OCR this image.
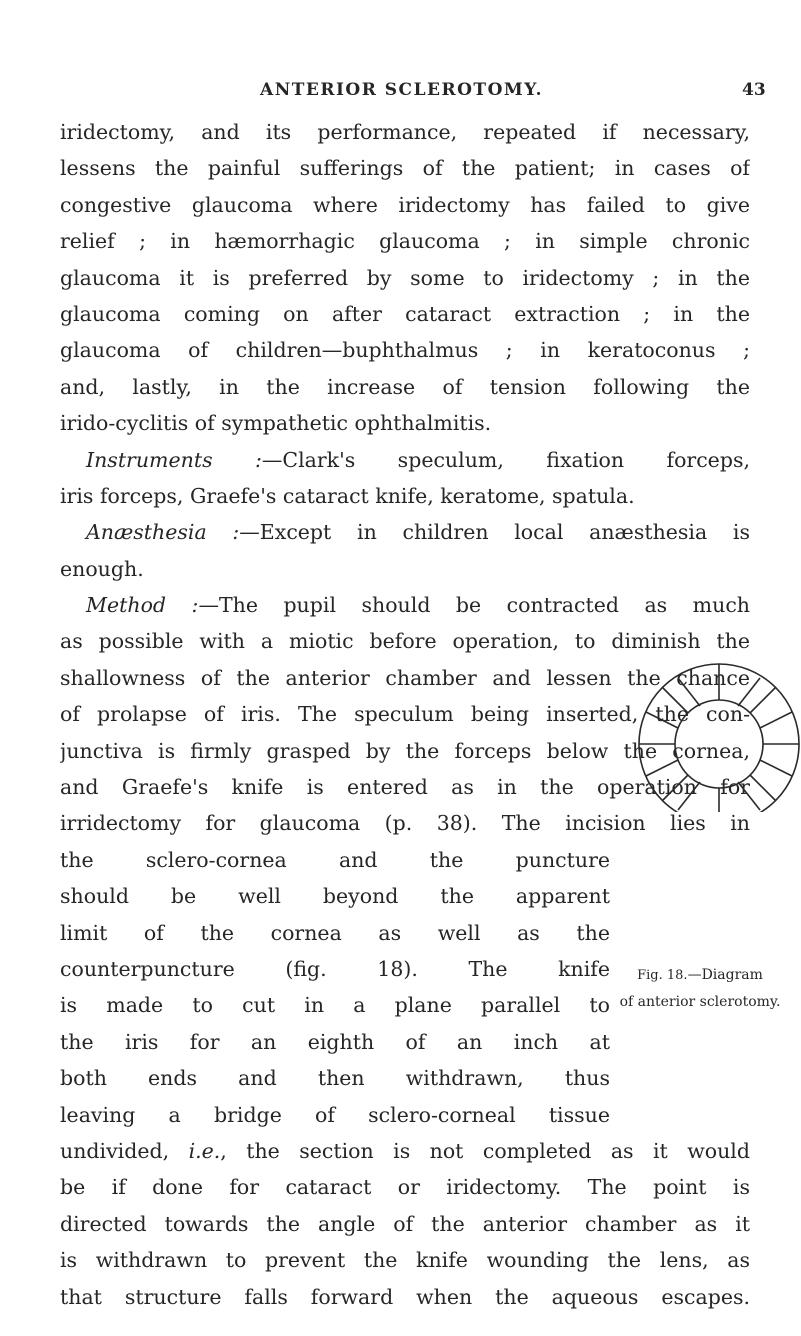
ANTERIOR SCLEROTOMY.	43
iridectomy, and its performance, repeated if necessary,
lessens the painful sufferings of the patient; in cases of
congestive glaucoma where iridectomy has failed to give
relief ; in hæmorrhagic glaucoma ; in simple chronic
glaucoma it is preferred by some to iridectomy ; in the
glaucoma coming on after cataract extraction ; in the
glaucoma of children—buphthalmus ; in keratoconus ;
and, lastly, in the increase of tension following the
irido-cyclitis of sympathetic ophthalmitis.
Instruments :—Clark's speculum, fixation forceps,
iris forceps, Graefe's cataract knife, keratome, spatula.
Anæsthesia :—Except in children local anæsthesia is
enough.
Method :—The pupil should be contracted as much
as possible with a miotic before operation, to diminish the
shallowness of the anterior chamber and lessen the chance
of prolapse of iris. The speculum being inserted, the con-
junctiva is firmly grasped by the forceps below the cornea,
and Graefe's knife is entered as in the operation for
irridectomy for glaucoma (p. 38). The incision lies in
the sclero-cornea and the puncture
should be well beyond the apparent
limit of the cornea as well as the
counterpuncture (fig. 18). The knife
is made to cut in a plane parallel to
the iris for an eighth of an inch at
both ends and then withdrawn, thus
leaving a bridge of sclero-corneal tissue
undivided, i.e., the section is not completed as it would
be if done for cataract or iridectomy. The point is
directed towards the angle of the anterior chamber as it
is withdrawn to prevent the knife wounding the lens, as
that structure falls forward when the aqueous escapes.
Fig. 18.—Diagram
of anterior sclerotomy.
